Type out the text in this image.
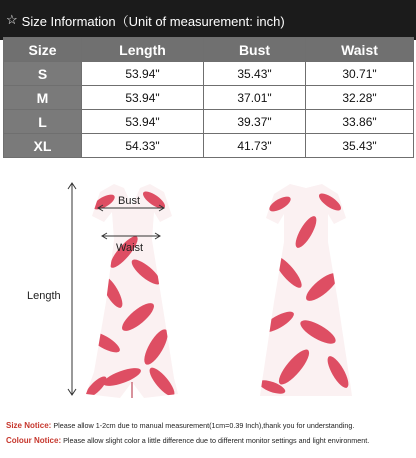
☆ Size Information（Unit of measurement: inch)
Size	Length	Bust	Waist
S	53.94"	35.43"	30.71"
M	53.94"	37.01"	32.28"
L	53.94"	39.37"	33.86"
XL	54.33"	41.73"	35.43"
Length
Bust
Waist
Size Notice: Please allow 1-2cm due to manual measurement(1cm=0.39 Inch),thank you for understanding.
Colour Notice: Please allow slight color a little difference due to different monitor settings and light environment.
